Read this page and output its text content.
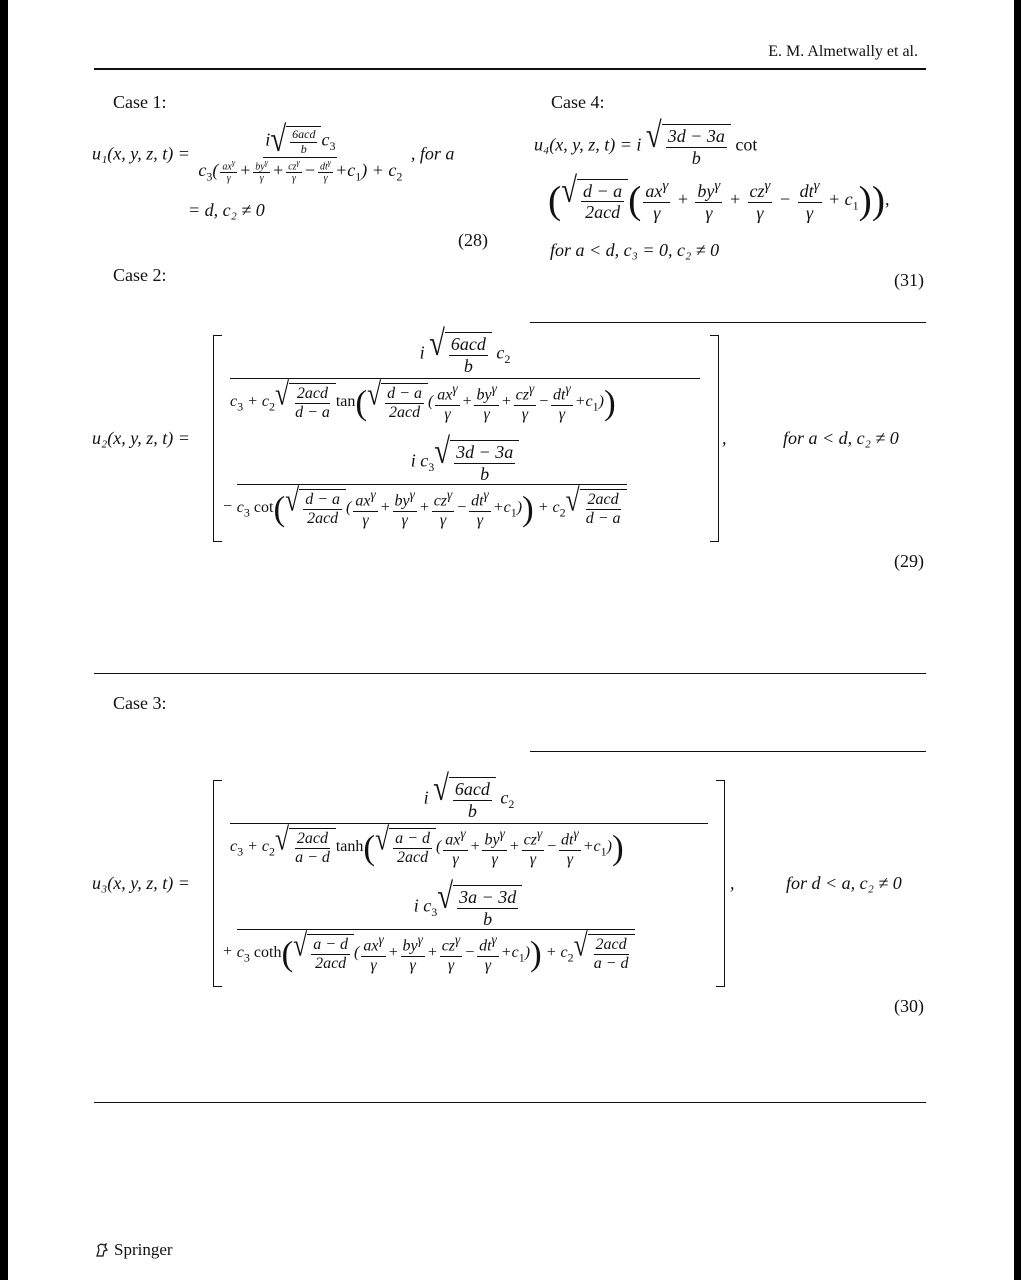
E. M. Almetwally et al.
Case 1:
u₁(x, y, z, $t) = \frac{i √ \frac{\text{6acd}}{b} c_3}{c_3( \frac{ax^\gamma}{\gamma} + \frac{by^\gamma}{\gamma} + \frac{cz^\gamma}{\gamma} - \frac{dt^\gamma}{\gamma} +c_1) + c_2}$ , for a
= d, c₂ ≠ 0
(28)
Case 4:
u₄(x, y, z, t) = i √ $\frac{3d - 3a}{b}$ cot
( √ $\frac{d - a}{\text{2acd}}$ ( $\frac{ax^\gamma}{\gamma} + \frac{by^\gamma}{\gamma} + \frac{cz^\gamma}{\gamma} - \frac{dt^\gamma}{\gamma} + c_1$)),
for a < d, c₃ = 0, c₂ ≠ 0
(31)
Case 2:
u₂(x, y, z, t) =
i √ $\frac{\text{6acd}}{b} c_2$
$c_3 + c_2$ √ $\frac{\text{2acd}}{d - a} \tan$( √ $\frac{d - a}{\text{2acd}}$ ( $\frac{ax^\gamma}{\gamma} + \frac{by^\gamma}{\gamma} + \frac{cz^\gamma}{\gamma} - \frac{dt^\gamma}{\gamma} +c_1$))
i $c_3$ √ $\frac{3d - 3a}{b}$
− $c_3$ cot( √ $\frac{d - a}{\text{2acd}}$ ( $\frac{ax^\gamma}{\gamma} + \frac{by^\gamma}{\gamma} + \frac{cz^\gamma}{\gamma} - \frac{dt^\gamma}{\gamma} +c_1)) + c_2$ √ $\frac{\text{2acd}}{d - a}$
,	for a < d, c₂ ≠ 0
(29)
Case 3:
u₃(x, y, z, t) =
i √ $\frac{\text{6acd}}{b} c_2$
$c_3 + c_2$ √ $\frac{\text{2acd}}{a - d} \tanh$( √ $\frac{a - d}{\text{2acd}}$ ( $\frac{ax^\gamma}{\gamma} + \frac{by^\gamma}{\gamma} + \frac{cz^\gamma}{\gamma} - \frac{dt^\gamma}{\gamma} +c_1$))
i $c_3$ √ $\frac{3a - 3d}{b}$
+ $c_3$ coth( √ $\frac{a - d}{\text{2acd}}$ ( $\frac{ax^\gamma}{\gamma} + \frac{by^\gamma}{\gamma} + \frac{cz^\gamma}{\gamma} - \frac{dt^\gamma}{\gamma} +c_1)) + c_2$ √ $\frac{\text{2acd}}{a - d}$
,	for d < a, c₂ ≠ 0
(30)
Springer
